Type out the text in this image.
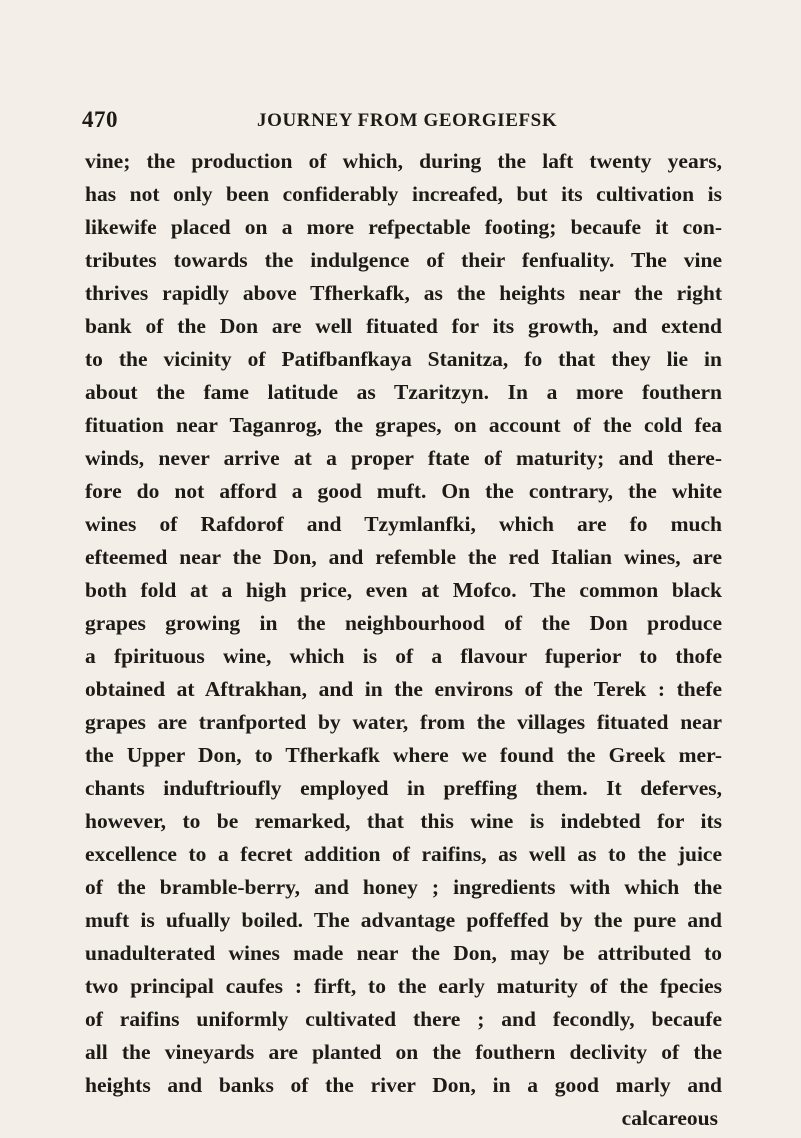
470	JOURNEY FROM GEORGIEFSK
vine; the production of which, during the laft twenty years,
has not only been confiderably increafed, but its cultivation is
likewife placed on a more refpectable footing; becaufe it con-
tributes towards the indulgence of their fenfuality. The vine
thrives rapidly above Tfherkafk, as the heights near the right
bank of the Don are well fituated for its growth, and extend
to the vicinity of Patifbanfkaya Stanitza, fo that they lie in
about the fame latitude as Tzaritzyn. In a more fouthern
fituation near Taganrog, the grapes, on account of the cold fea
winds, never arrive at a proper ftate of maturity; and there-
fore do not afford a good muft. On the contrary, the white
wines of Rafdorof and Tzymlanfki, which are fo much
efteemed near the Don, and refemble the red Italian wines, are
both fold at a high price, even at Mofco. The common black
grapes growing in the neighbourhood of the Don produce
a fpirituous wine, which is of a flavour fuperior to thofe
obtained at Aftrakhan, and in the environs of the Terek : thefe
grapes are tranfported by water, from the villages fituated near
the Upper Don, to Tfherkafk where we found the Greek mer-
chants induftrioufly employed in preffing them. It deferves,
however, to be remarked, that this wine is indebted for its
excellence to a fecret addition of raifins, as well as to the juice
of the bramble-berry, and honey ; ingredients with which the
muft is ufually boiled. The advantage poffeffed by the pure and
unadulterated wines made near the Don, may be attributed to
two principal caufes : firft, to the early maturity of the fpecies
of raifins uniformly cultivated there ; and fecondly, becaufe
all the vineyards are planted on the fouthern declivity of the
heights and banks of the river Don, in a good marly and
calcareous
